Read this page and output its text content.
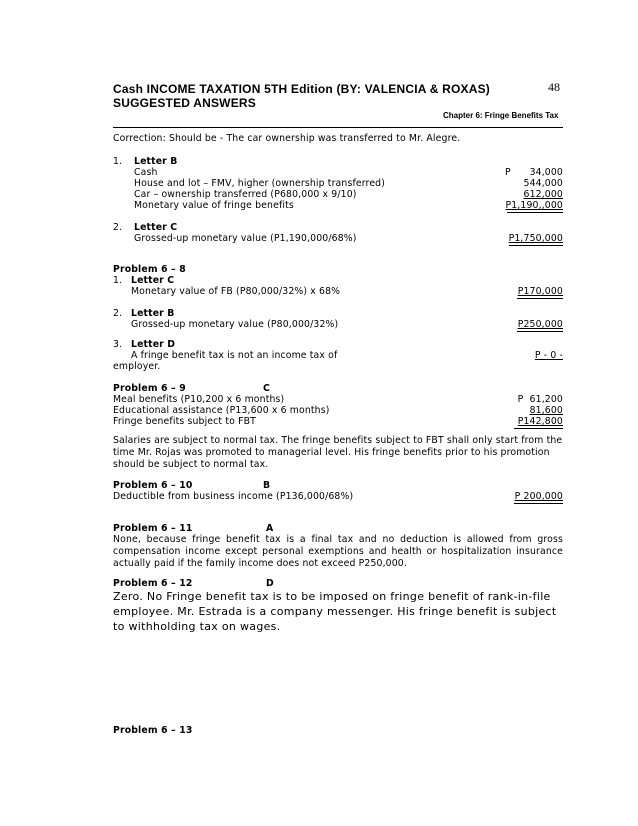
Cash INCOME TAXATION 5TH Edition (BY: VALENCIA & ROXAS)	48
SUGGESTED ANSWERS
Chapter 6: Fringe Benefits Tax
Correction: Should be - The car ownership was transferred to Mr. Alegre.
1. Letter B
Cash	P	34,000
House and lot – FMV, higher (ownership transferred)	544,000
Car – ownership transferred (P680,000 x 9/10)	612,000
Monetary value of fringe benefits	P1,190,,000
2. Letter C
Grossed-up monetary value (P1,190,000/68%)	P1,750,000
Problem 6 – 8
1. Letter C
Monetary value of FB (P80,000/32%) x 68%	P170,000
2. Letter B
Grossed-up monetary value (P80,000/32%)	P250,000
3. Letter D
A fringe benefit tax is not an income tax of	P - 0 -
employer.
Problem 6 – 9	C
Meal benefits (P10,200 x 6 months)	P  61,200
Educational assistance (P13,600 x 6 months)	81,600
Fringe benefits subject to FBT	P142,800
Salaries are subject to normal tax. The fringe benefits subject to FBT shall only start from the time Mr. Rojas was promoted to managerial level. His fringe benefits prior to his promotion should be subject to normal tax.
Problem 6 – 10	B
Deductible from business income (P136,000/68%)	P 200,000
Problem 6 – 11	A
None, because fringe benefit tax is a final tax and no deduction is allowed from gross compensation income except personal exemptions and health or hospitalization insurance actually paid if the family income does not exceed P250,000.
Problem 6 – 12	D
Zero. No Fringe benefit tax is to be imposed on fringe benefit of rank-in-file employee. Mr. Estrada is a company messenger. His fringe benefit is subject to withholding tax on wages.
Problem 6 – 13
